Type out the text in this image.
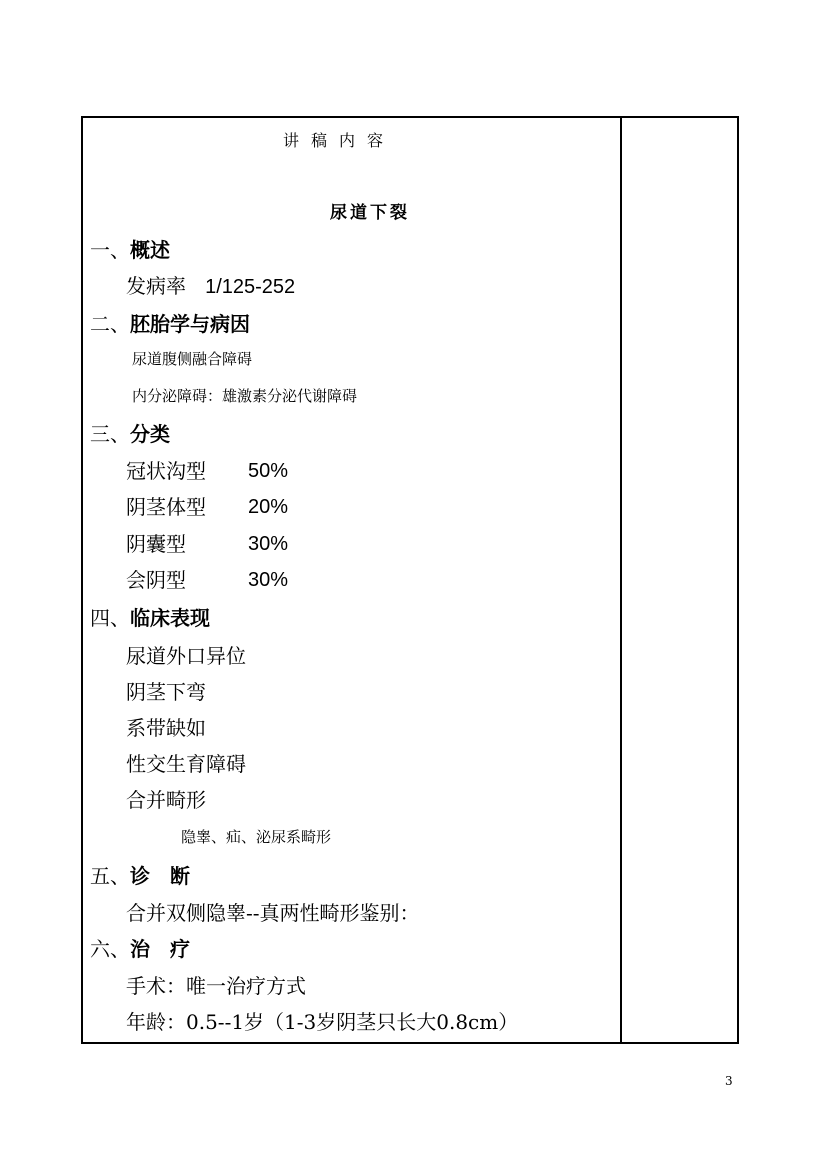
讲稿内容
尿道下裂
一、概述
发病率 1/125-252
二、胚胎学与病因
尿道腹侧融合障碍
内分泌障碍：雄激素分泌代谢障碍
三、分类
冠状沟型 50%
阴茎体型 20%
阴囊型	30%
会阴型	30%
四、临床表现
尿道外口异位
阴茎下弯
系带缺如
性交生育障碍
合并畸形
隐睾、疝、泌尿系畸形
五、诊　断
合并双侧隐睾--真两性畸形鉴别：
六、治　疗
手术：唯一治疗方式
年龄：0.5--1岁（1-3岁阴茎只长大0.8cm）
3
